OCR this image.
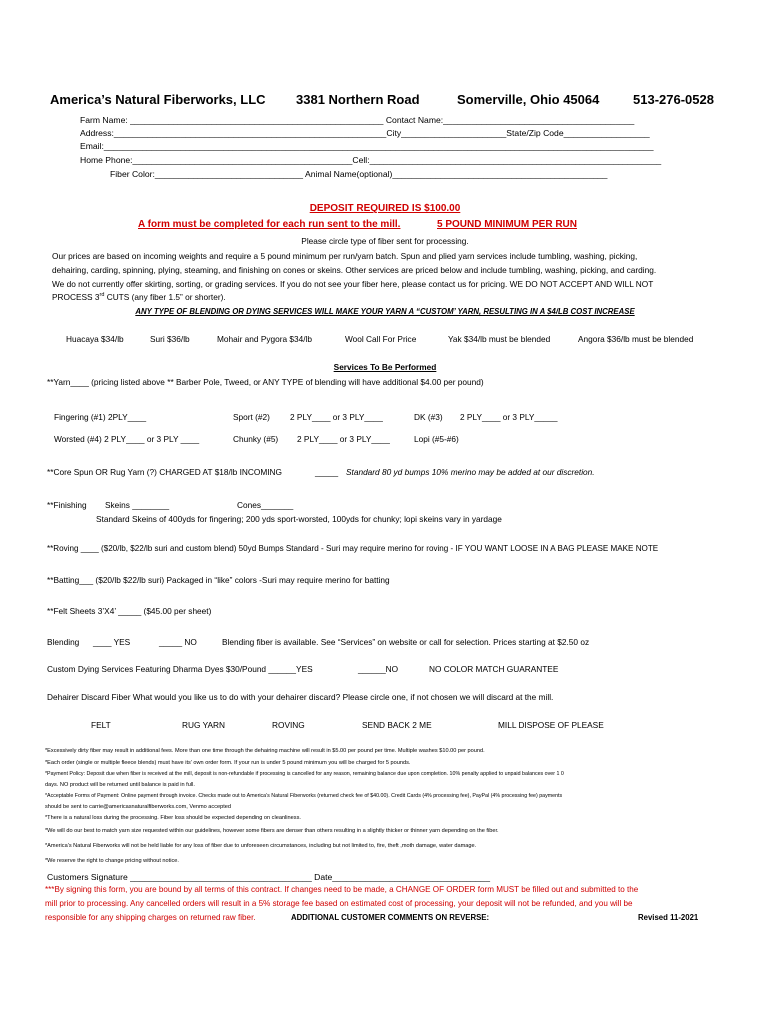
America’s Natural Fiberworks, LLC 3381 Northern Road	Somerville, Ohio 45064	513-276-0528
Farm Name: _____________________________________________________ Contact Name:________________________________________
Address:_________________________________________________________City______________________State/Zip Code__________________
Email:___________________________________________________________________________________________________________________
Home Phone:______________________________________________Cell:_____________________________________________________________
Fiber Color:_______________________________ Animal Name(optional)_____________________________________________
DEPOSIT REQUIRED IS $100.00
A form must be completed for each run sent to the mill.	5 POUND MINIMUM PER RUN
Please circle type of fiber sent for processing.
Our prices are based on incoming weights and require a 5 pound minimum per run/yarn batch. Spun and plied yarn services include tumbling, washing, picking,
dehairing, carding, spinning, plying, steaming, and finishing on cones or skeins. Other services are priced below and include tumbling, washing, picking, and carding.
We do not currently offer skirting, sorting, or grading services. If you do not see your fiber here, please contact us for pricing. WE DO NOT ACCEPT AND WILL NOT
PROCESS 3rd CUTS (any fiber 1.5” or shorter).
ANY TYPE OF BLENDING OR DYING SERVICES WILL MAKE YOUR YARN A “CUSTOM’ YARN, RESULTING IN A $4/LB COST INCREASE
Huacaya $34/lb	Suri $36/lb	Mohair and Pygora $34/lb	Wool Call For Price	Yak $34/lb must be blended	Angora $36/lb must be blended
Services To Be Performed
**Yarn____ (pricing listed above ** Barber Pole, Tweed, or ANY TYPE of blending will have additional $4.00 per pound)
Fingering (#1) 2PLY____	Sport (#2) 2 PLY____ or 3 PLY____	DK (#3) 2 PLY____ or 3 PLY_____
Worsted (#4) 2 PLY____ or 3 PLY ____	Chunky (#5) 2 PLY____ or 3 PLY____	Lopi (#5-#6)
**Core Spun OR Rug Yarn (?) CHARGED AT $18/lb INCOMING	_____ Standard 80 yd bumps 10% merino may be added at our discretion.
**Finishing Skeins ________	Cones_______
Standard Skeins of 400yds for fingering; 200 yds sport-worsted, 100yds for chunky; lopi skeins vary in yardage
**Roving ____ ($20/lb, $22/lb suri and custom blend) 50yd Bumps Standard - Suri may require merino for roving - IF YOU WANT LOOSE IN A BAG PLEASE MAKE NOTE
**Batting___ ($20/lb $22/lb suri) Packaged in “like” colors -Suri may require merino for batting
**Felt Sheets 3’X4’ _____ ($45.00 per sheet)
Blending ____ YES	_____ NO	Blending fiber is available. See “Services” on website or call for selection. Prices starting at $2.50 oz
Custom Dying Services Featuring Dharma Dyes $30/Pound ______YES	______NO	NO COLOR MATCH GUARANTEE
Dehairer Discard Fiber What would you like us to do with your dehairer discard? Please circle one, if not chosen we will discard at the mill.
FELT	RUG YARN	ROVING	SEND BACK 2 ME	MILL DISPOSE OF PLEASE
*Excessively dirty fiber may result in additional fees. More than one time through the dehairing machine will result in $5.00 per pound per time. Multiple washes $10.00 per pound.
*Each order (single or multiple fleece blends) must have its’ own order form. If your run is under 5 pound minimum you will be charged for 5 pounds.
*Payment Policy: Deposit due when fiber is received at the mill, deposit is non-refundable if processing is cancelled for any reason, remaining balance due upon completion. 10% penalty applied to unpaid balances over 1 0
days. NO product will be returned until balance is paid in full.
*Acceptable Forms of Payment: Online payment through invoice. Checks made out to America’s Natural Fiberworks (returned check fee of $40.00). Credit Cards (4% processing fee), PayPal (4% processing fee) payments
should be sent to carrie@americasnaturalfiberworks.com, Venmo accepted
*There is a natural loss during the processing. Fiber loss should be expected depending on cleanliness.
*We will do our best to match yarn size requested within our guidelines, however some fibers are denser than others resulting in a slightly thicker or thinner yarn depending on the fiber.
*America’s Natural Fiberworks will not be held liable for any loss of fiber due to unforeseen circumstances, including but not limited to, fire, theft ,moth damage, water damage.
*We reserve the right to change pricing without notice.
Customers Signature ______________________________________ Date_________________________________
***By signing this form, you are bound by all terms of this contract. If changes need to be made, a CHANGE OF ORDER form MUST be filled out and submitted to the
mill prior to processing. Any cancelled orders will result in a 5% storage fee based on estimated cost of processing, your deposit will not be refunded, and you will be
responsible for any shipping charges on returned raw fiber.	ADDITIONAL CUSTOMER COMMENTS ON REVERSE:	Revised 11-2021
